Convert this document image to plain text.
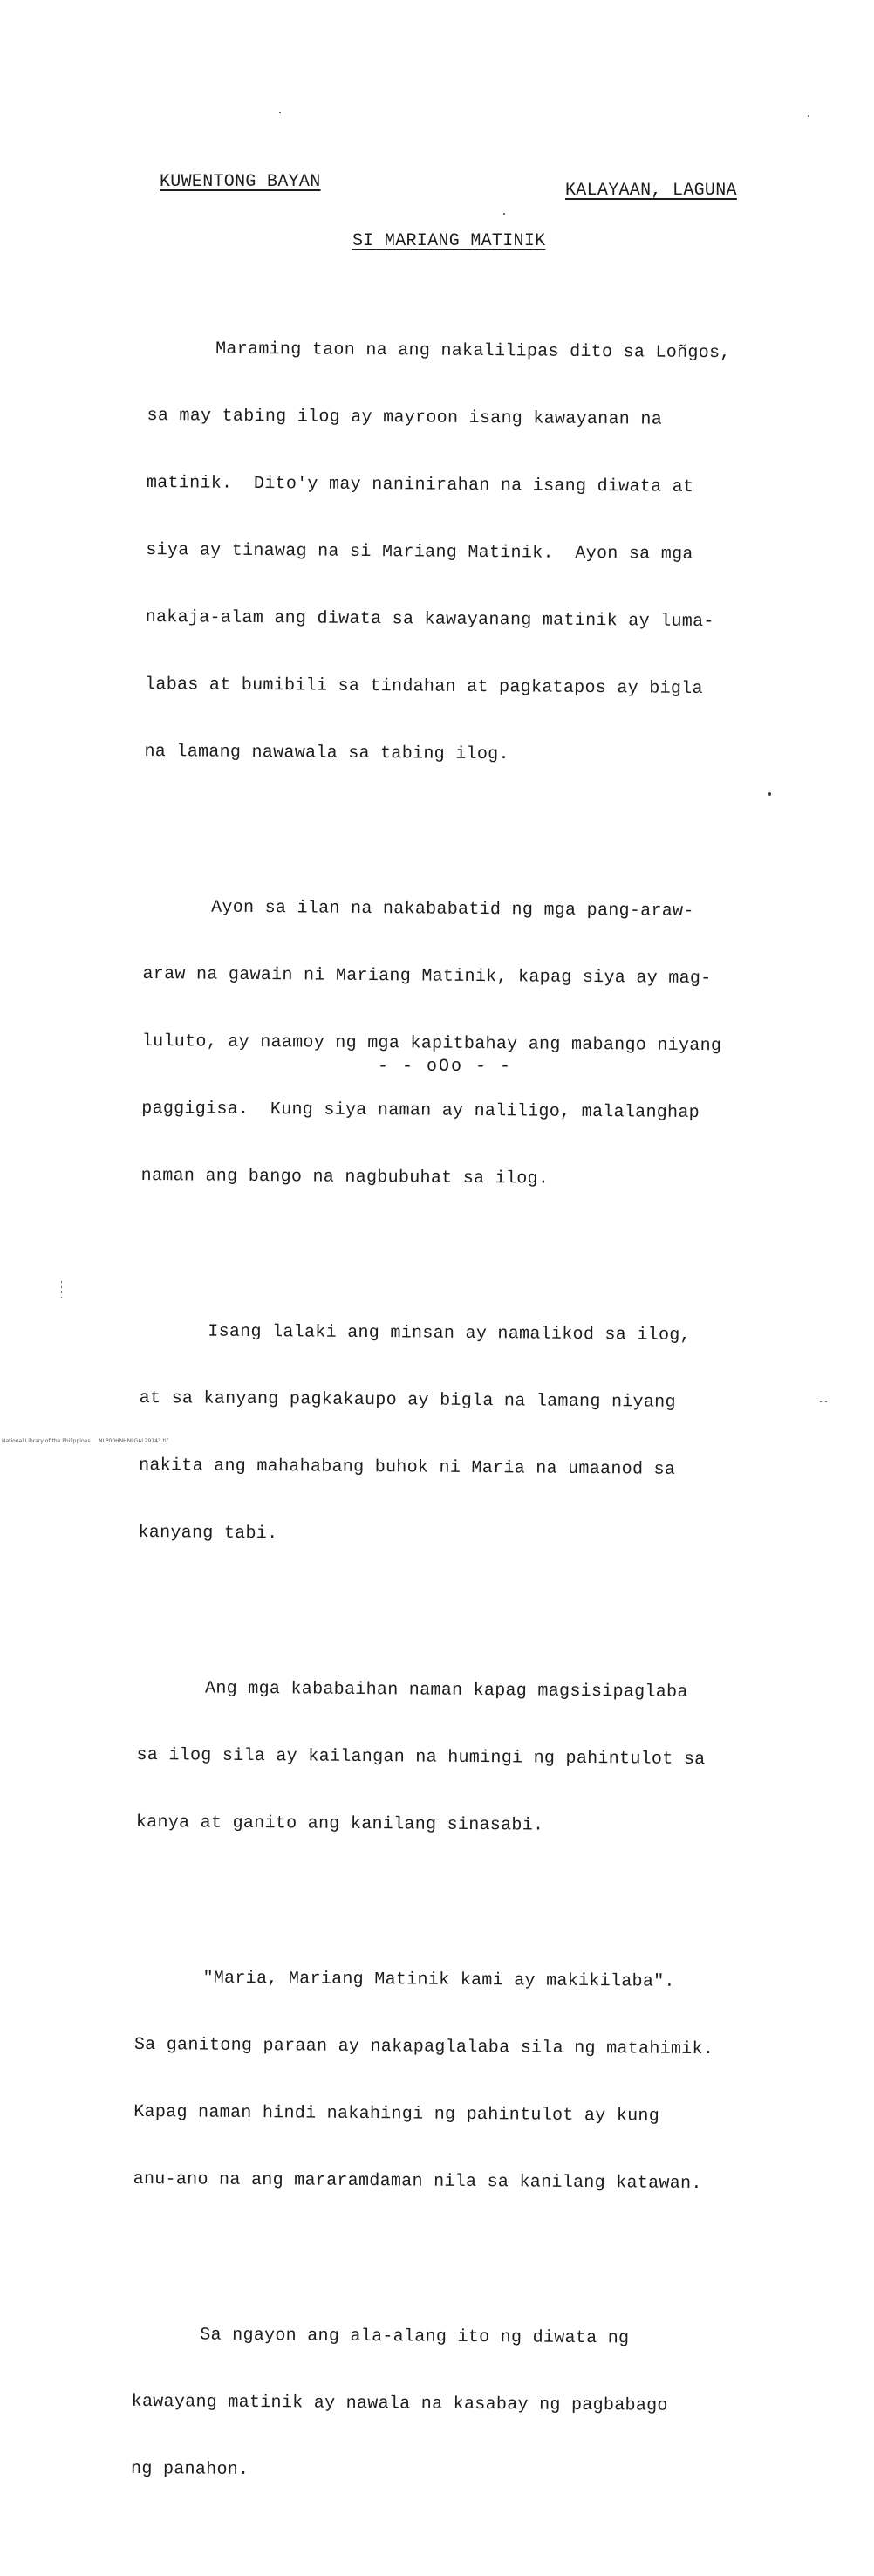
KUWENTONG BAYAN	KALAYAAN, LAGUNA
SI MARIANG MATINIK

Maraming taon na ang nakalilipas dito sa Loñgos,

sa may tabing ilog ay mayroon isang kawayanan na

matinik.  Dito'y may naninirahan na isang diwata at

siya ay tinawag na si Mariang Matinik.  Ayon sa mga

nakaja-alam ang diwata sa kawayanang matinik ay luma-

labas at bumibili sa tindahan at pagkatapos ay bigla

na lamang nawawala sa tabing ilog.

Ayon sa ilan na nakababatid ng mga pang-araw-

araw na gawain ni Mariang Matinik, kapag siya ay mag-

luluto, ay naamoy ng mga kapitbahay ang mabango niyang

paggigisa.  Kung siya naman ay naliligo, malalanghap

naman ang bango na nagbubuhat sa ilog.

Isang lalaki ang minsan ay namalikod sa ilog,

at sa kanyang pagkakaupo ay bigla na lamang niyang

nakita ang mahahabang buhok ni Maria na umaanod sa

kanyang tabi.

Ang mga kababaihan naman kapag magsisipaglaba

sa ilog sila ay kailangan na humingi ng pahintulot sa

kanya at ganito ang kanilang sinasabi.

"Maria, Mariang Matinik kami ay makikilaba".

Sa ganitong paraan ay nakapaglalaba sila ng matahimik.

Kapag naman hindi nakahingi ng pahintulot ay kung

anu-ano na ang mararamdaman nila sa kanilang katawan.

Sa ngayon ang ala-alang ito ng diwata ng

kawayang matinik ay nawala na kasabay ng pagbabago

ng panahon.

- - oOo - -
National Library of the Philippines     NLP00HNHNLGAL29143.tif
